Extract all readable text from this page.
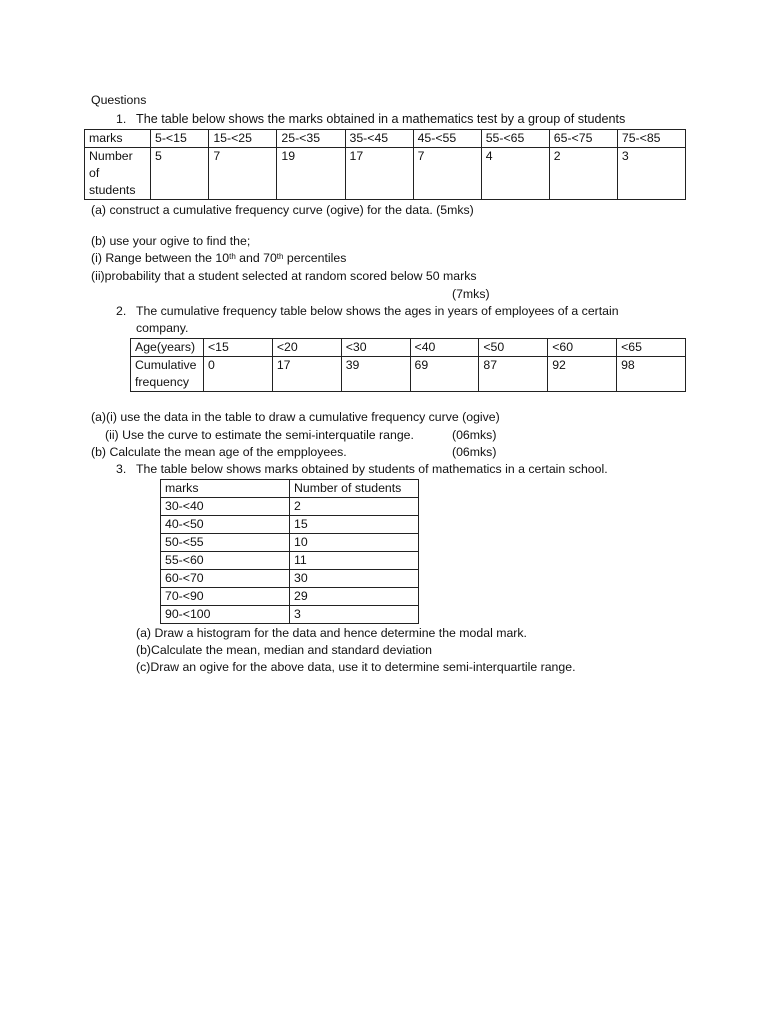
Questions
1. The table below shows the marks obtained in a mathematics test by a group of students
marks	5-<15	15-<25	25-<35	35-<45	45-<55	55-<65	65-<75	75-<85

Number
of
students	5	7	19	17	7	4	2	3
(a) construct a cumulative frequency curve (ogive) for the data. (5mks)
(b) use your ogive to find the;
(i) Range between the 10th and 70th percentiles
(ii)probability that a student selected at random scored below 50 marks
(7mks)
2. The cumulative frequency table below shows the ages in years of employees of a certain
company.
Age(years)	<15	<20	<30	<40	<50	<60	<65

Cumulative
frequency	0	17	39	69	87	92	98
(a)(i) use the data in the table to draw a cumulative frequency curve (ogive)
(ii) Use the curve to estimate the semi-interquatile range.	(06mks)
(b) Calculate the mean age of the empployees.	(06mks)
3. The table below shows marks obtained by students of mathematics in a certain school.
marks	Number of students
30-<40	2
40-<50	15
50-<55	10
55-<60	11
60-<70	30
70-<90	29
90-<100	3
(a) Draw a histogram for the data and hence determine the modal mark.
(b)Calculate the mean, median and standard deviation
(c)Draw an ogive for the above data, use it to determine semi-interquartile range.
